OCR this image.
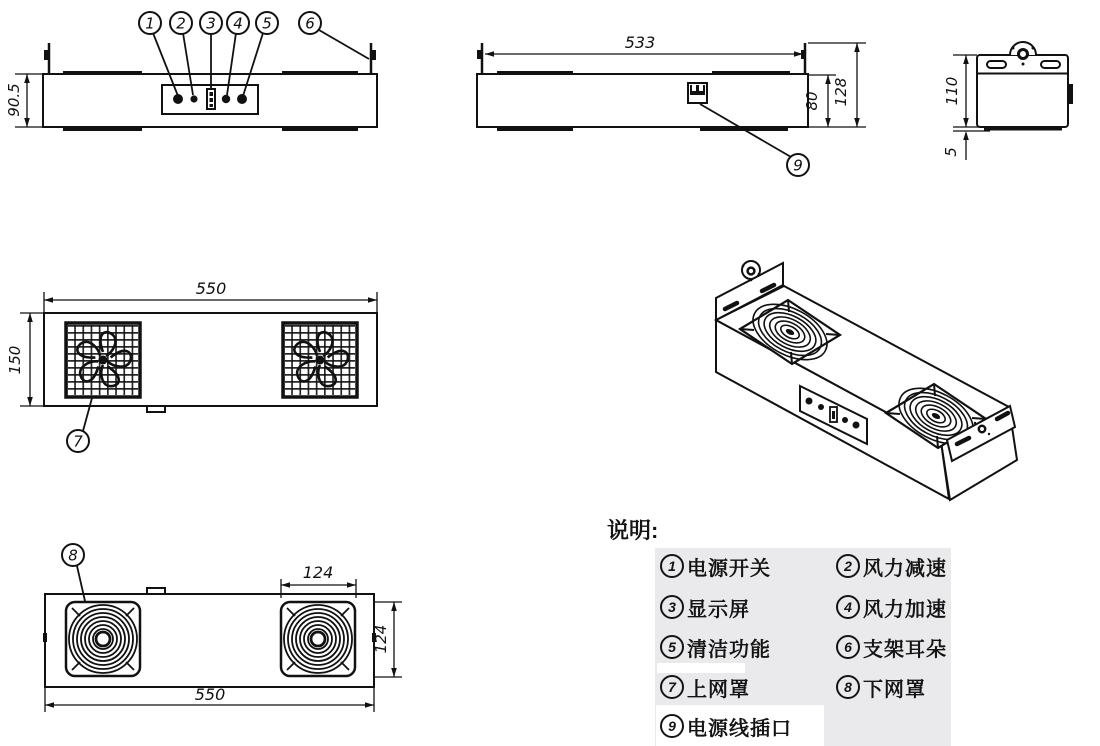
1 2 3 4 5 6
90.5
9
533
80 128	110
5
7
550
150
8
124
124
550
说明:
1 电源开关	2 风力减速
3 显示屏	4 风力加速
5 清洁功能	6 支架耳朵
7 上网罩	8 下网罩
9 电源线插口
